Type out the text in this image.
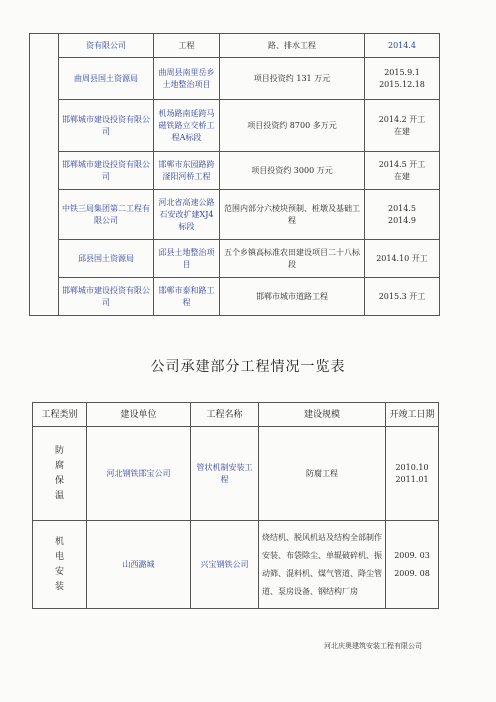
	资有限公司	工程	路、排水工程	2014.4
	曲周县国土资源局	曲周县南里岳乡土地整治项目	项目投资约 131 万元	2015.9.1
2015.12.18
	邯郸城市建设投资有限公司	机场路南延跨马磁铁路立交桥工程A标段	项目投资约 8700 多万元	2014.2 开工
在建
	邯郸城市建设投资有限公司	邯郸市东园路跨滏阳河桥工程	项目投资约 3000 万元	2014.5 开工
在建
	中铁三局集团第二工程有限公司	河北省高速公路石安改扩建XJ4标段	范围内部分六棱块预制、桩墩及基础工程	2014.5
2014.9
	邱县国土资源局	邱县土地整治项目	五个乡镇高标准农田建设项目二十八标段	2014.10 开工
	邯郸城市建设投资有限公司	邯郸市泰和路工程	邯郸市城市道路工程	2015.3 开工
公司承建部分工程情况一览表
工程类别	建设单位	工程名称	建设规模	开竣工日期
防腐保温	河北钢铁邯宝公司	管状机制安装工程	防腐工程	2010.10
2011.01
机电安装	山西潞城	兴宝钢铁公司	烧结机、脱风机站及结构全部制作安装、布袋除尘、单辊破碎机、振动筛、混料机、煤气管道、降尘管道、泵房设备、钢结构厂房	2009. 03
2009. 08
河北庆奥建筑安装工程有限公司
